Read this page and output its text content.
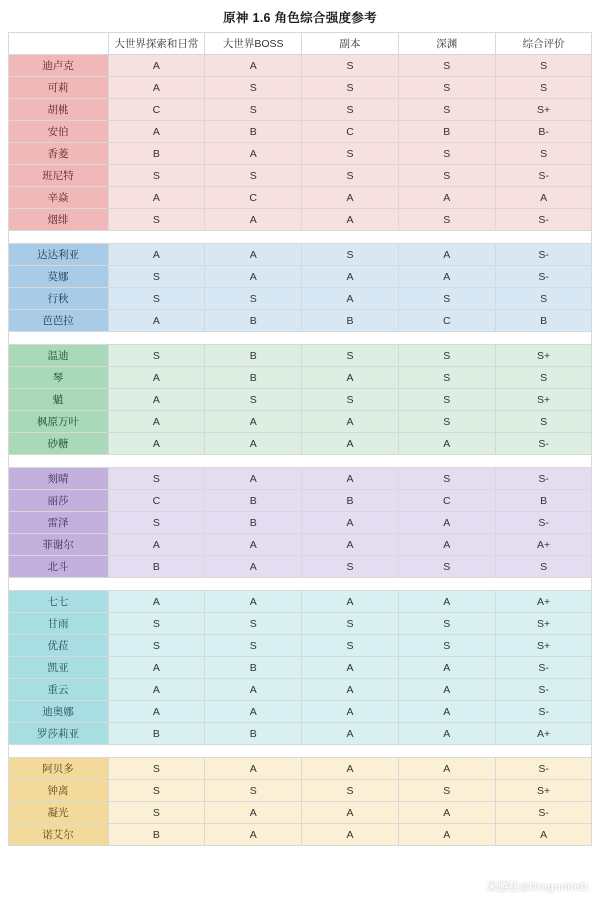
原神 1.6 角色综合强度参考
	大世界探索和日常	大世界BOSS	副本	深渊	综合评价
迪卢克	A	A	S	S	S
可莉	A	S	S	S	S
胡桃	C	S	S	S	S+
安伯	A	B	C	B	B-
香菱	B	A	S	S	S
班尼特	S	S	S	S	S-
辛焱	A	C	A	A	A
烟绯	S	A	A	S	S-

达达利亚	A	A	S	A	S-
莫娜	S	A	A	A	S-
行秋	S	S	A	S	S
芭芭拉	A	B	B	C	B

温迪	S	B	S	S	S+
琴	A	B	A	S	S
魈	A	S	S	S	S+
枫原万叶	A	A	A	S	S
砂糖	A	A	A	A	S-

刻晴	S	A	A	S	S-
丽莎	C	B	B	C	B
雷泽	S	B	A	A	S-
菲谢尔	A	A	A	A	A+
北斗	B	A	S	S	S

七七	A	A	A	A	A+
甘雨	S	S	S	S	S+
优菈	S	S	S	S	S+
凯亚	A	B	A	A	S-
重云	A	A	A	A	S-
迪奥娜	A	A	A	A	S-
罗莎莉亚	B	B	A	A	A+

阿贝多	S	A	A	A	S-
钟离	S	S	S	S	S+
凝光	S	A	A	A	S-
诺艾尔	B	A	A	A	A
米游社@DragoniteD
